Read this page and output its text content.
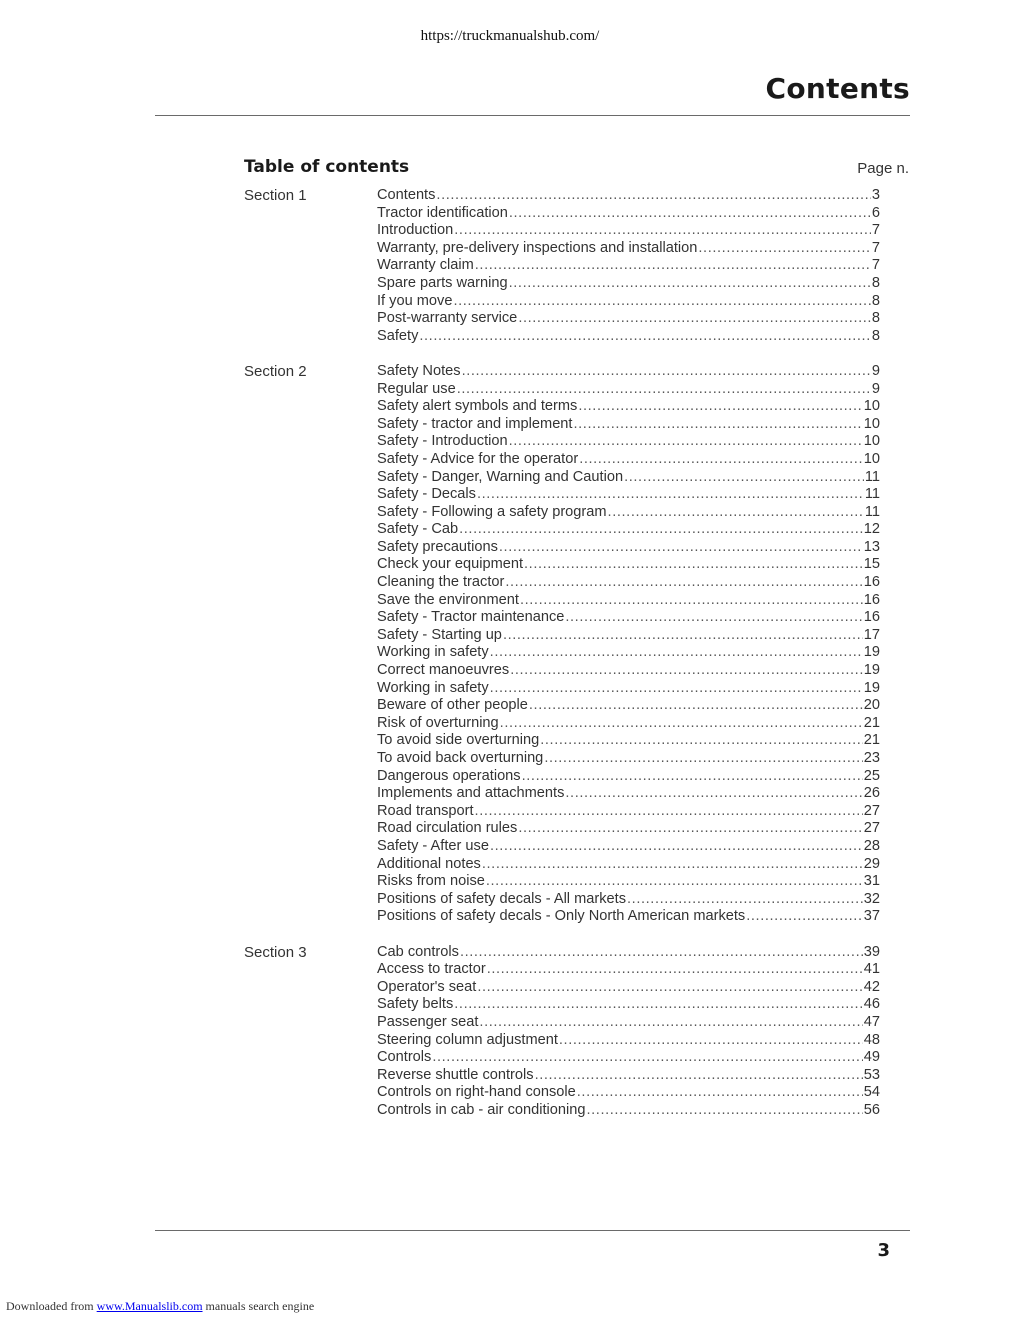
https://truckmanualshub.com/
Contents
Table of contents	Page n.
Section 1	Contents .....	3
Tractor identification .....	6
Introduction .....	7
Warranty, pre-delivery inspections and installation .....	7
Warranty claim .....	7
Spare parts warning .....	8
If you move .....	8
Post-warranty service .....	8
Safety .....	8
Section 2	Safety Notes .....	9
Regular use .....	9
Safety alert symbols and terms .....	10
Safety - tractor and implement .....	10
Safety - Introduction .....	10
Safety - Advice for the operator .....	10
Safety - Danger, Warning and Caution .....	11
Safety - Decals .....	11
Safety - Following a safety program .....	11
Safety - Cab .....	12
Safety precautions .....	13
Check your equipment .....	15
Cleaning the tractor .....	16
Save the environment .....	16
Safety - Tractor maintenance .....	16
Safety - Starting up .....	17
Working in safety .....	19
Correct manoeuvres .....	19
Working in safety .....	19
Beware of other people .....	20
Risk of overturning .....	21
To avoid side overturning .....	21
To avoid back overturning .....	23
Dangerous operations .....	25
Implements and attachments .....	26
Road transport .....	27
Road circulation rules .....	27
Safety - After use .....	28
Additional notes .....	29
Risks from noise .....	31
Positions of safety decals - All markets .....	32
Positions of safety decals - Only North American markets .....	37
Section 3	Cab controls .....	39
Access to tractor .....	41
Operator's seat .....	42
Safety belts .....	46
Passenger seat .....	47
Steering column adjustment .....	48
Controls .....	49
Reverse shuttle controls .....	53
Controls on right-hand console .....	54
Controls in cab - air conditioning .....	56
3
Downloaded from www.Manualslib.com manuals search engine
